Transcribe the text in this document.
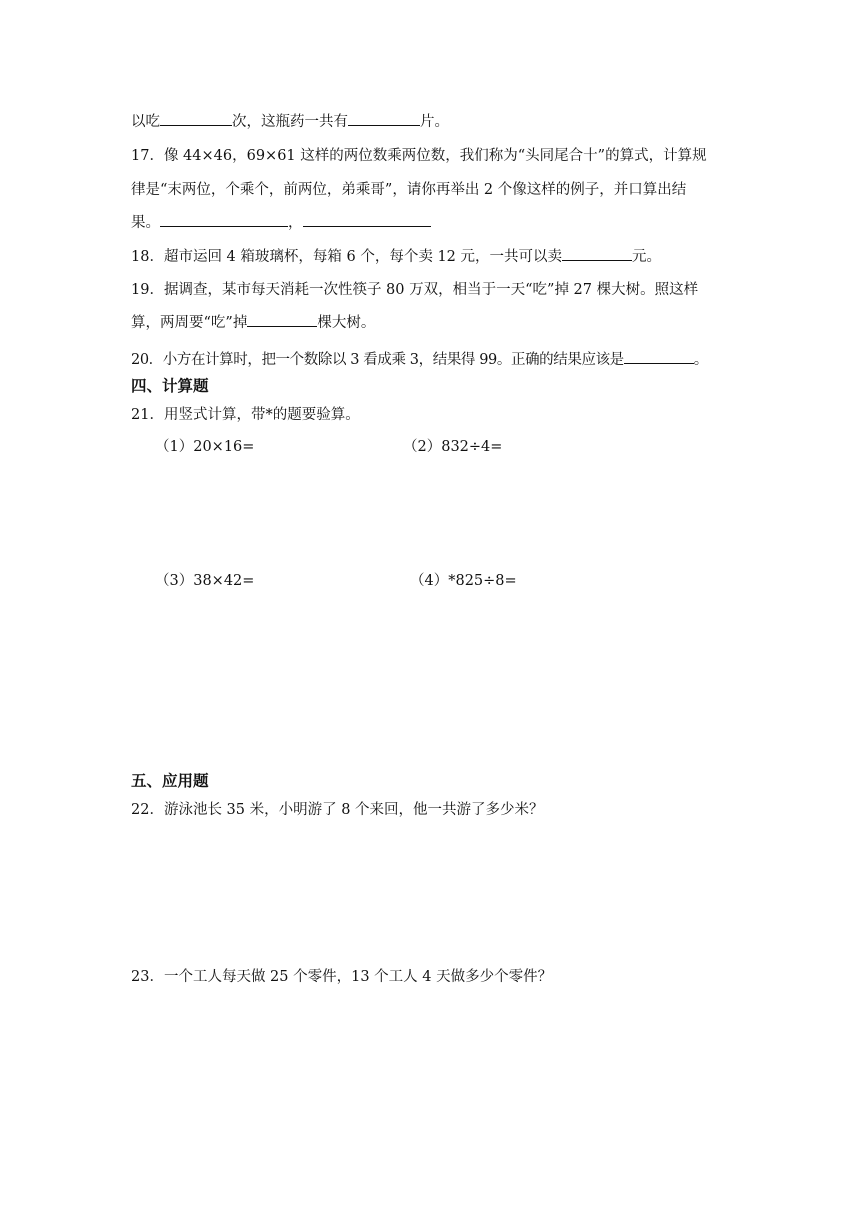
以吃	次，这瓶药一共有	片。
17．像 44×46，69×61 这样的两位数乘两位数，我们称为“头同尾合十”的算式，计算规
律是“末两位，个乘个，前两位，弟乘哥”，请你再举出 2 个像这样的例子，并口算出结
果。	，
18．超市运回 4 箱玻璃杯，每箱 6 个，每个卖 12 元，一共可以卖	元。
19．据调查，某市每天消耗一次性筷子 80 万双，相当于一天“吃”掉 27 棵大树。照这样
算，两周要“吃”掉	棵大树。
20．小方在计算时，把一个数除以 3 看成乘 3，结果得 99。正确的结果应该是	。
四、计算题
21．用竖式计算，带*的题要验算。
（1）20×16=	（2）832÷4=
（3）38×42=	（4）*825÷8=
五、应用题
22．游泳池长 35 米，小明游了 8 个来回，他一共游了多少米？
23．一个工人每天做 25 个零件，13 个工人 4 天做多少个零件？
